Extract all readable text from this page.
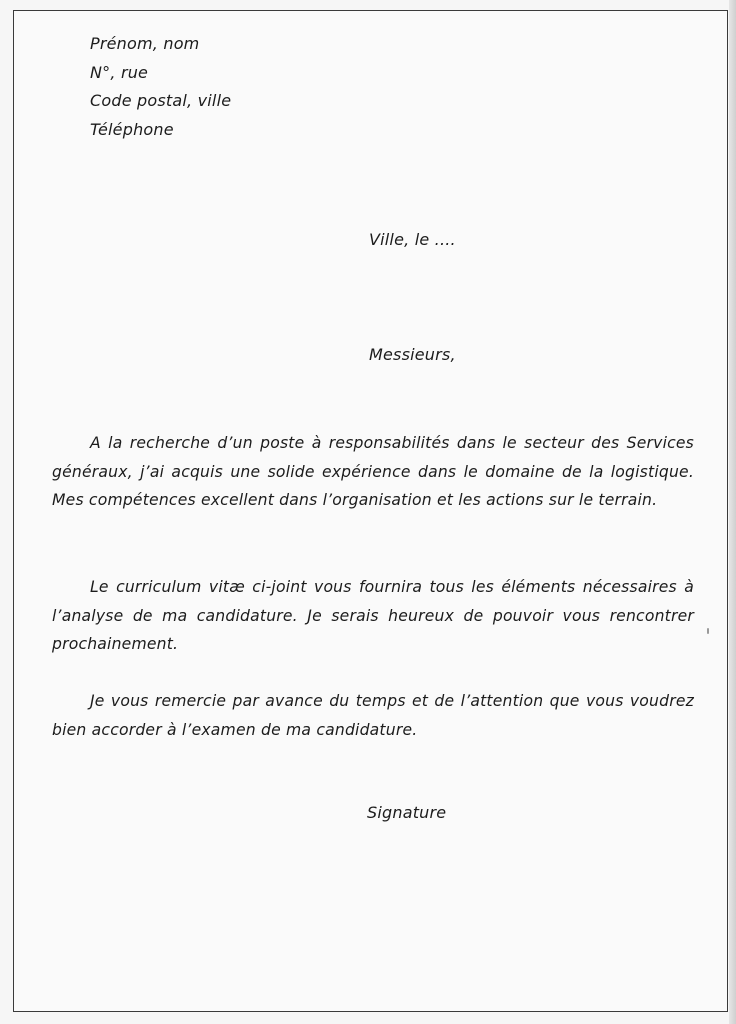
Prénom, nom
N°, rue
Code postal, ville
Téléphone
Ville, le ....
Messieurs,
A la recherche d’un poste à responsabilités dans le secteur des Services généraux, j’ai acquis une solide expérience dans le domaine de la logistique. Mes compétences excellent dans l’organisation et les actions sur le terrain.
Le curriculum vitæ ci-joint vous fournira tous les éléments nécessaires à l’analyse de ma candidature. Je serais heureux de pouvoir vous rencontrer prochainement.
Je vous remercie par avance du temps et de l’attention que vous voudrez bien accorder à l’examen de ma candidature.
Signature
